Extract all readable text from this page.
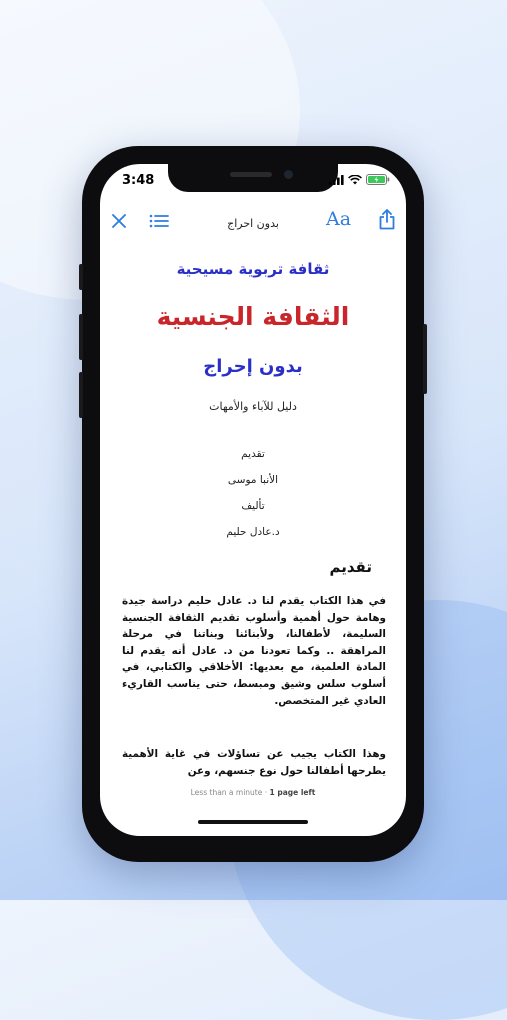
3:48
بدون احراج	Aa
ثقافة تربوية مسيحية
الثقافة الجنسية
بدون إحراج
دليل للآباء والأمهات
تقديم
الأنبا موسى
تأليف
د.عادل حليم
تقديم
في هذا الكتاب يقدم لنا د. عادل حليم دراسة جيدة وهامة حول أهمية وأسلوب تقديم الثقافة الجنسية السليمة، لأطفالنا، ولأبنائنا وبناتنا في مرحلة المراهقة .. وكما تعودنا من د. عادل أنه يقدم لنا المادة العلمية، مع بعديها: الأخلاقي والكتابي، في أسلوب سلس وشيق ومبسط، حتى يناسب القاريء العادي غير المتخصص.
وهذا الكتاب يجيب عن تساؤلات في غاية الأهمية يطرحها أطفالنا حول نوع جنسهم، وعن
Less than a minute · 1 page left
